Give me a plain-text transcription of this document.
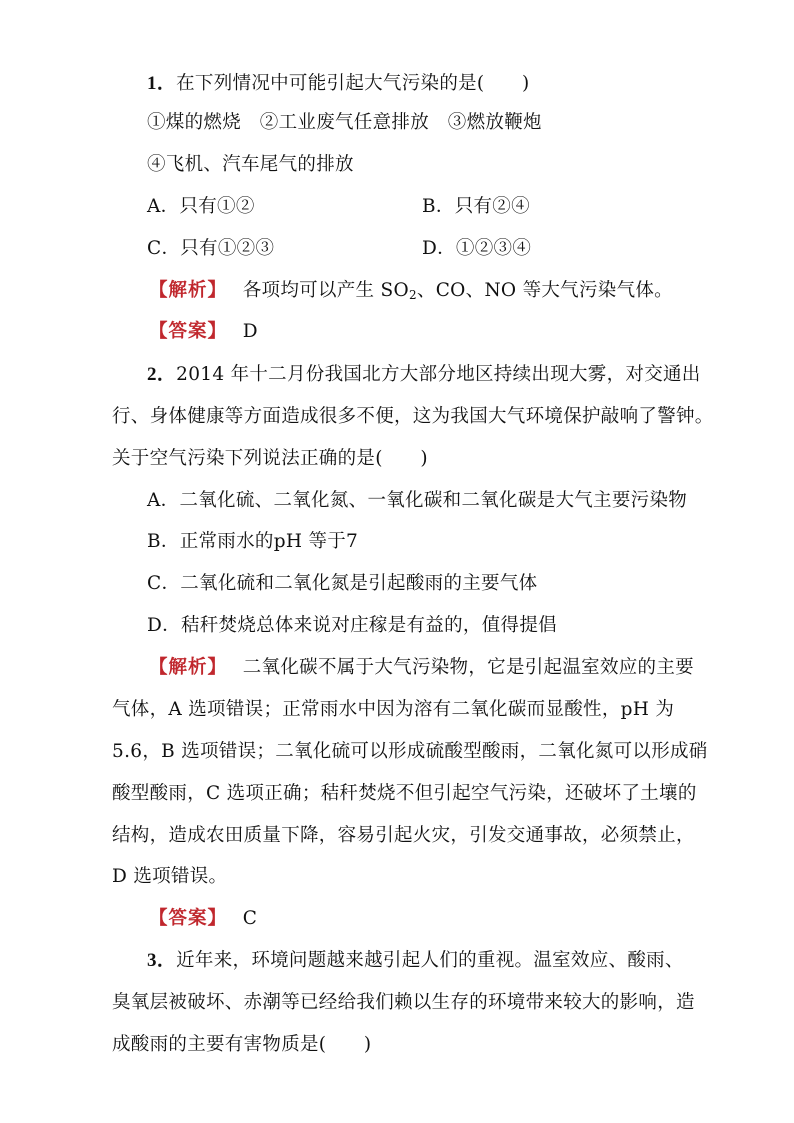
1．在下列情况中可能引起大气污染的是(　　)
①煤的燃烧　②工业废气任意排放　③燃放鞭炮
④飞机、汽车尾气的排放
A．只有①②	B．只有②④
C．只有①②③	D．①②③④
【解析】　 各项均可以产生 $SO_2$、CO、NO 等大气污染气体。
【答案】　 D
2．2014 年十二月份我国北方大部分地区持续出现大雾，对交通出
行、身体健康等方面造成很多不便，这为我国大气环境保护敲响了警钟。
关于空气污染下列说法正确的是(　　)
A．二氧化硫、二氧化氮、一氧化碳和二氧化碳是大气主要污染物
B．正常雨水的pH 等于7
C．二氧化硫和二氧化氮是引起酸雨的主要气体
D．秸秆焚烧总体来说对庄稼是有益的，值得提倡
【解析】　 二氧化碳不属于大气污染物，它是引起温室效应的主要
气体，A 选项错误；正常雨水中因为溶有二氧化碳而显酸性，pH 为
5.6，B 选项错误；二氧化硫可以形成硫酸型酸雨，二氧化氮可以形成硝
酸型酸雨，C 选项正确；秸秆焚烧不但引起空气污染，还破坏了土壤的
结构，造成农田质量下降，容易引起火灾，引发交通事故，必须禁止，
D 选项错误。
【答案】　 C
3．近年来，环境问题越来越引起人们的重视。温室效应、酸雨、
臭氧层被破坏、赤潮等已经给我们赖以生存的环境带来较大的影响，造
成酸雨的主要有害物质是(　　)
